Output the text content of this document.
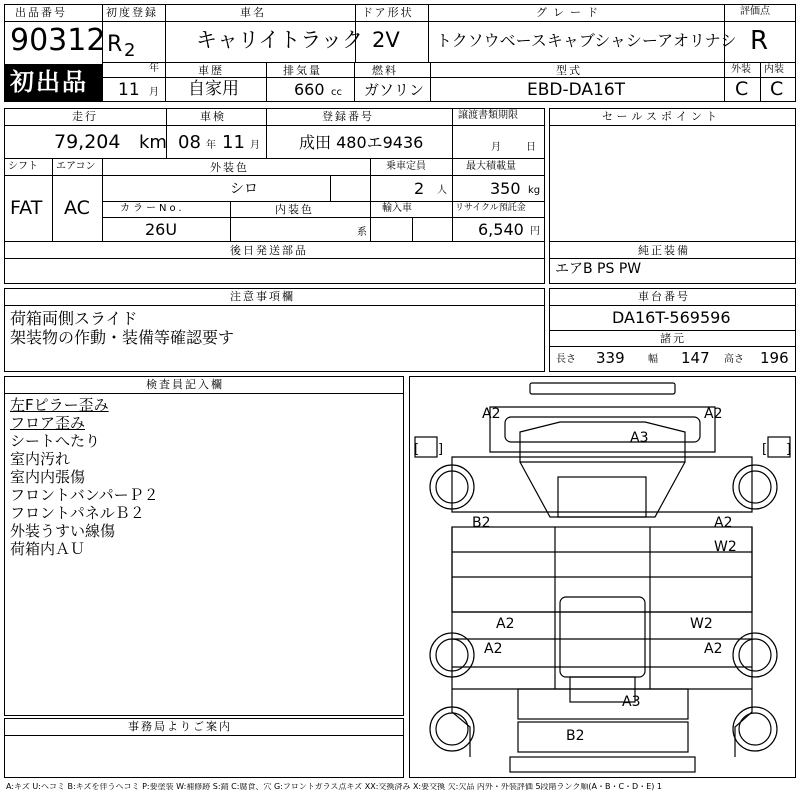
出品番号
90312
初出品
初度登録
R 2
年
11 月
車名
キャリイトラック
ドア形状
2V
グレード
トクソウベースキャブシャシーアオリナシ
評価点
R
車歴
自家用
排気量
660 cc
燃料
ガソリン
型式
EBD-DA16T
外装 内装
C C
走行
79,204 km
車検
08 年 11 月
登録番号
成田 480エ9436
譲渡書類期限
月	日
シフト エアコン
FAT AC
外装色
シロ
乗車定員
2 人
最大積載量
350 kg
カラーNo.
26U
内装色
系
輸入車	リサイクル預託金
6,540 円
後日発送部品
セールスポイント
純正装備
エアB PS PW
注意事項欄
荷箱両側スライド
架装物の作動・装備等確認要す
車台番号
DA16T-569596
諸元
長さ 339 幅 147 高さ 196
検査員記入欄
左Fピラー歪み
フロア歪み
シートへたり
室内汚れ
室内内張傷
フロントバンパーＰ２
フロントパネルＢ２
外装うすい線傷
荷箱内ＡＵ
事務局よりご案内
A2	A2
A3
B2	A2
W2
A2	W2
A2	A2
A3
B2
[ ]	[ ]
A:キズ U:ヘコミ B:キズを伴うヘコミ P:要塗装 W:補修跡 S:錆 C:腐食、穴 G:フロントガラス点キズ XX:交換済み X:要交換 欠:欠品 内外・外装評価 5段階ランク順(A・B・C・D・E) 1
